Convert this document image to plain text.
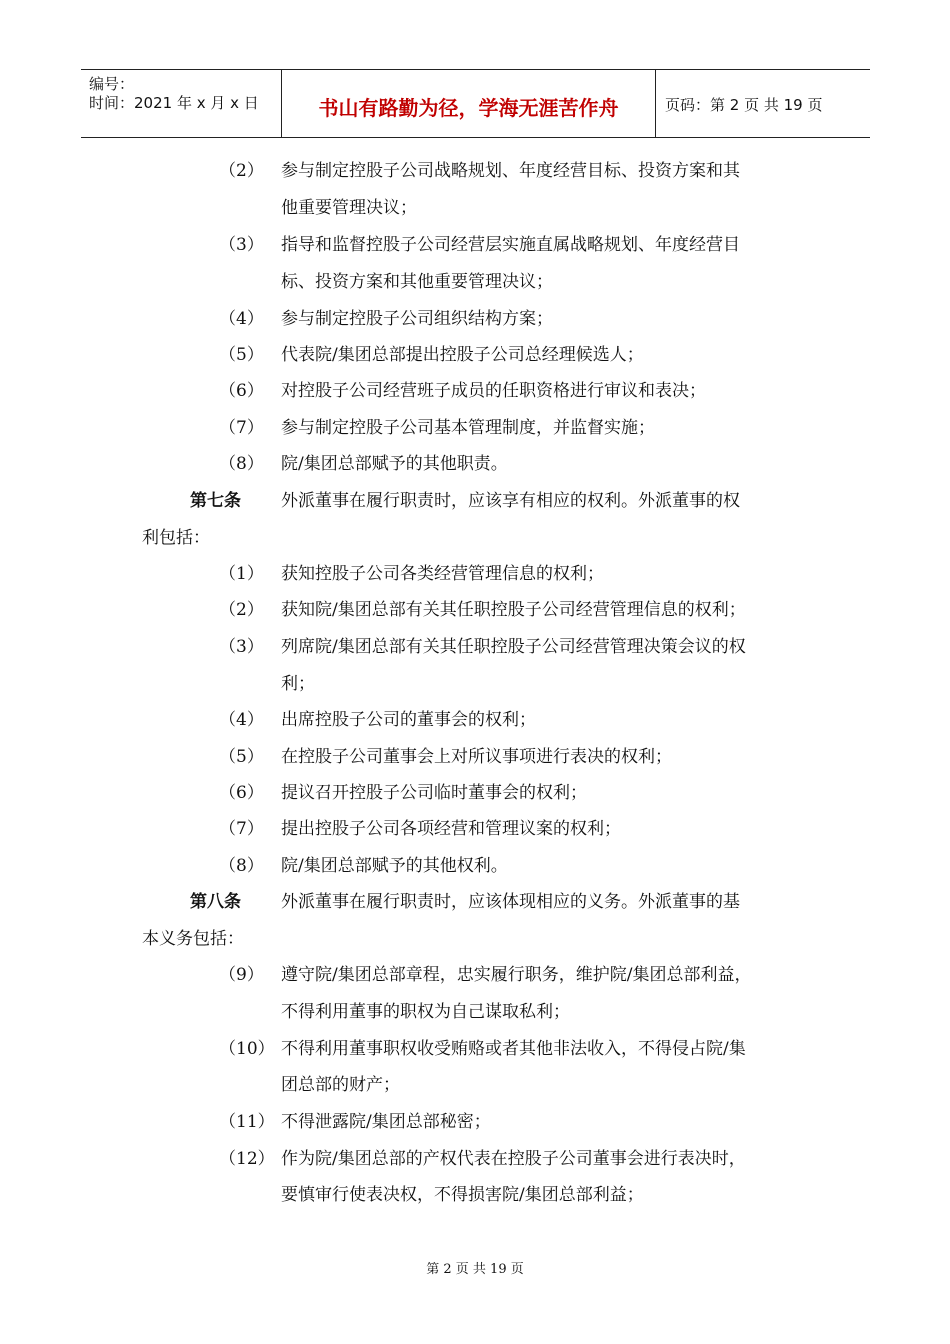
编号：
时间：2021 年 x 月 x 日	书山有路勤为径，学海无涯苦作舟	页码：第 2 页 共 19 页
（2） 参与制定控股子公司战略规划、年度经营目标、投资方案和其
他重要管理决议；
（3） 指导和监督控股子公司经营层实施直属战略规划、年度经营目
标、投资方案和其他重要管理决议；
（4） 参与制定控股子公司组织结构方案；
（5） 代表院/集团总部提出控股子公司总经理候选人；
（6） 对控股子公司经营班子成员的任职资格进行审议和表决；
（7） 参与制定控股子公司基本管理制度，并监督实施；
（8） 院/集团总部赋予的其他职责。
第七条 外派董事在履行职责时，应该享有相应的权利。外派董事的权
利包括：
（1） 获知控股子公司各类经营管理信息的权利；
（2） 获知院/集团总部有关其任职控股子公司经营管理信息的权利；
（3） 列席院/集团总部有关其任职控股子公司经营管理决策会议的权
利；
（4） 出席控股子公司的董事会的权利；
（5） 在控股子公司董事会上对所议事项进行表决的权利；
（6） 提议召开控股子公司临时董事会的权利；
（7） 提出控股子公司各项经营和管理议案的权利；
（8） 院/集团总部赋予的其他权利。
第八条 外派董事在履行职责时，应该体现相应的义务。外派董事的基
本义务包括：
（9） 遵守院/集团总部章程，忠实履行职务，维护院/集团总部利益，
不得利用董事的职权为自己谋取私利；
（10） 不得利用董事职权收受贿赂或者其他非法收入，不得侵占院/集
团总部的财产；
（11） 不得泄露院/集团总部秘密；
（12） 作为院/集团总部的产权代表在控股子公司董事会进行表决时，
要慎审行使表决权，不得损害院/集团总部利益；
第 2 页 共 19 页
